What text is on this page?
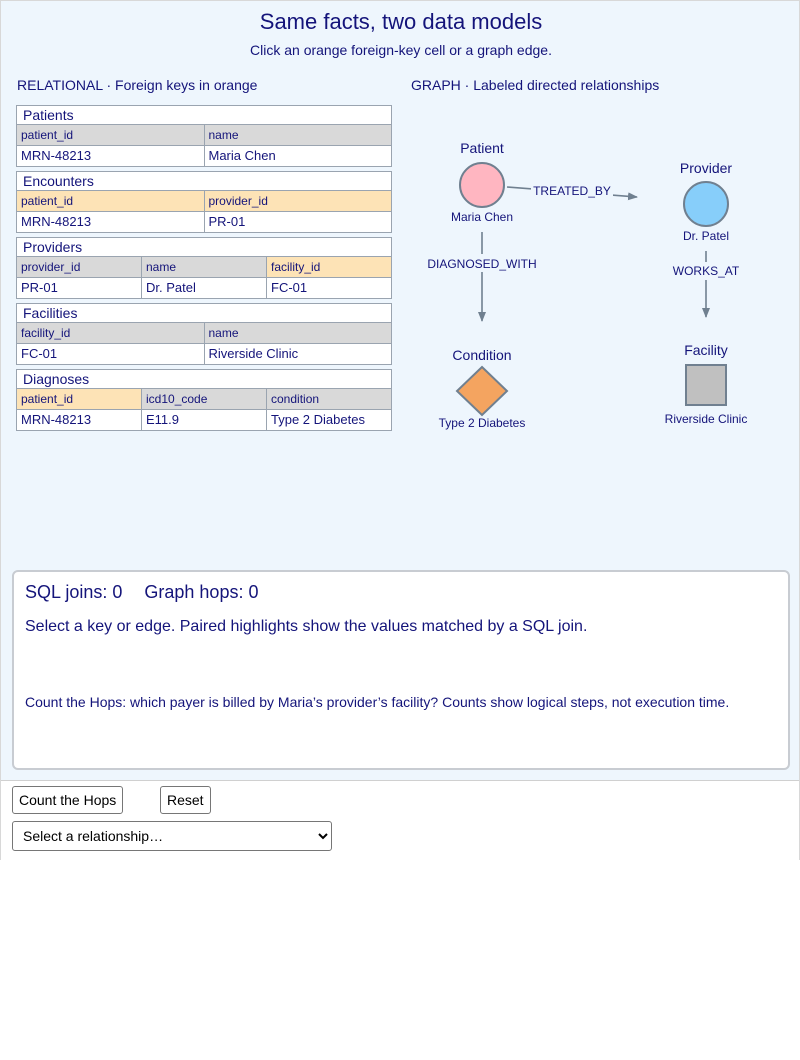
Same facts, two data models
Click an orange foreign-key cell or a graph edge.
RELATIONAL · Foreign keys in orange	GRAPH · Labeled directed relationships
Patients
patient_id	name
MRN-48213	Maria Chen
Encounters
patient_id	provider_id
MRN-48213	PR-01
Providers
provider_id	name	facility_id
PR-01	Dr. Patel	FC-01
Facilities
facility_id	name
FC-01	Riverside Clinic
Diagnoses
patient_id	icd10_code	condition
MRN-48213	E11.9	Type 2 Diabetes
TREATED_BY
DIAGNOSED_WITH	WORKS_AT
Patient
Maria Chen
Provider
Dr. Patel
Condition
Type 2 Diabetes
Facility
Riverside Clinic
SQL joins: 0 Graph hops: 0
Select a key or edge. Paired highlights show the values matched by a SQL join.
Count the Hops: which payer is billed by Maria’s provider’s facility? Counts show logical steps, not execution time.
Count the Hops	Reset
Select a relationship…
